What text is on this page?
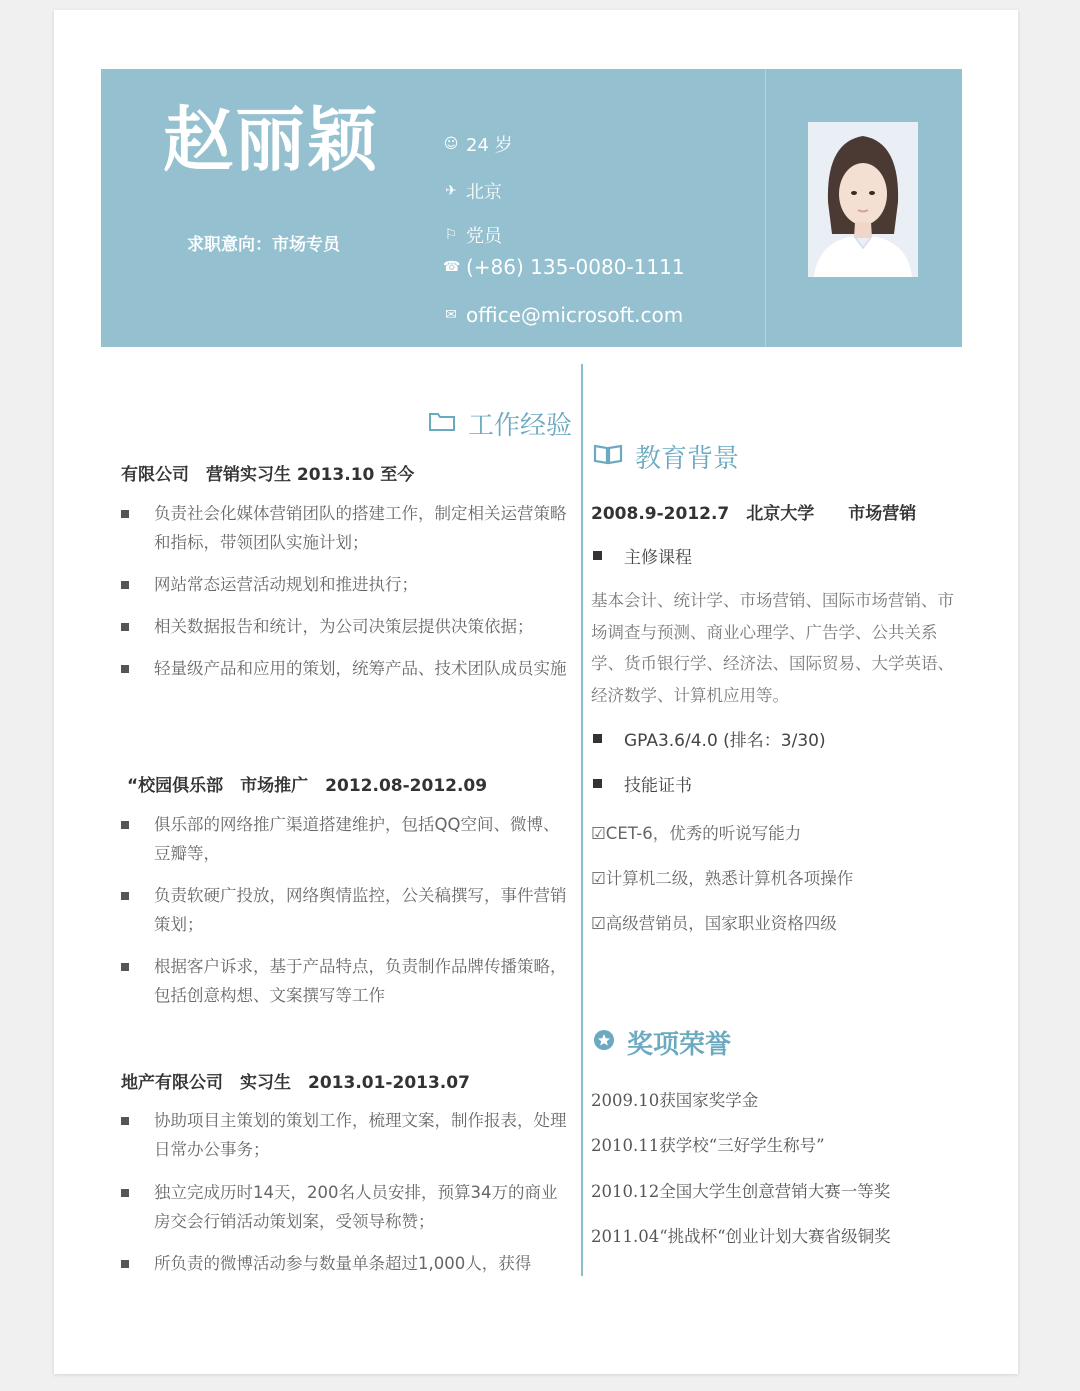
赵丽颖
求职意向：市场专员
☺ 24 岁
✈ 北京
⚐ 党员
☎ (+86) 135-0080-1111
✉ office@microsoft.com
工作经验
有限公司　营销实习生 2013.10 至今
负责社会化媒体营销团队的搭建工作，制定相关运营策略和指标，带领团队实施计划；
网站常态运营活动规划和推进执行；
相关数据报告和统计，为公司决策层提供决策依据；
轻量级产品和应用的策划，统筹产品、技术团队成员实施
“校园俱乐部　市场推广　2012.08-2012.09
俱乐部的网络推广渠道搭建维护，包括QQ空间、微博、豆瓣等，
负责软硬广投放，网络舆情监控，公关稿撰写，事件营销策划；
根据客户诉求，基于产品特点，负责制作品牌传播策略，包括创意构想、文案撰写等工作
地产有限公司　实习生　2013.01-2013.07
协助项目主策划的策划工作，梳理文案，制作报表，处理日常办公事务；
独立完成历时14天，200名人员安排，预算34万的商业房交会行销活动策划案，受领导称赞；
所负责的微博活动参与数量单条超过1,000人，获得
教育背景
2008.9-2012.7　北京大学　　市场营销
主修课程
基本会计、统计学、市场营销、国际市场营销、市场调查与预测、商业心理学、广告学、公共关系学、货币银行学、经济法、国际贸易、大学英语、经济数学、计算机应用等。
GPA3.6/4.0 (排名：3/30)
技能证书
☑CET-6，优秀的听说写能力
☑计算机二级，熟悉计算机各项操作
☑高级营销员，国家职业资格四级
奖项荣誉
2009.10获国家奖学金
2010.11获学校“三好学生称号”
2010.12全国大学生创意营销大赛一等奖
2011.04“挑战杯“创业计划大赛省级铜奖
